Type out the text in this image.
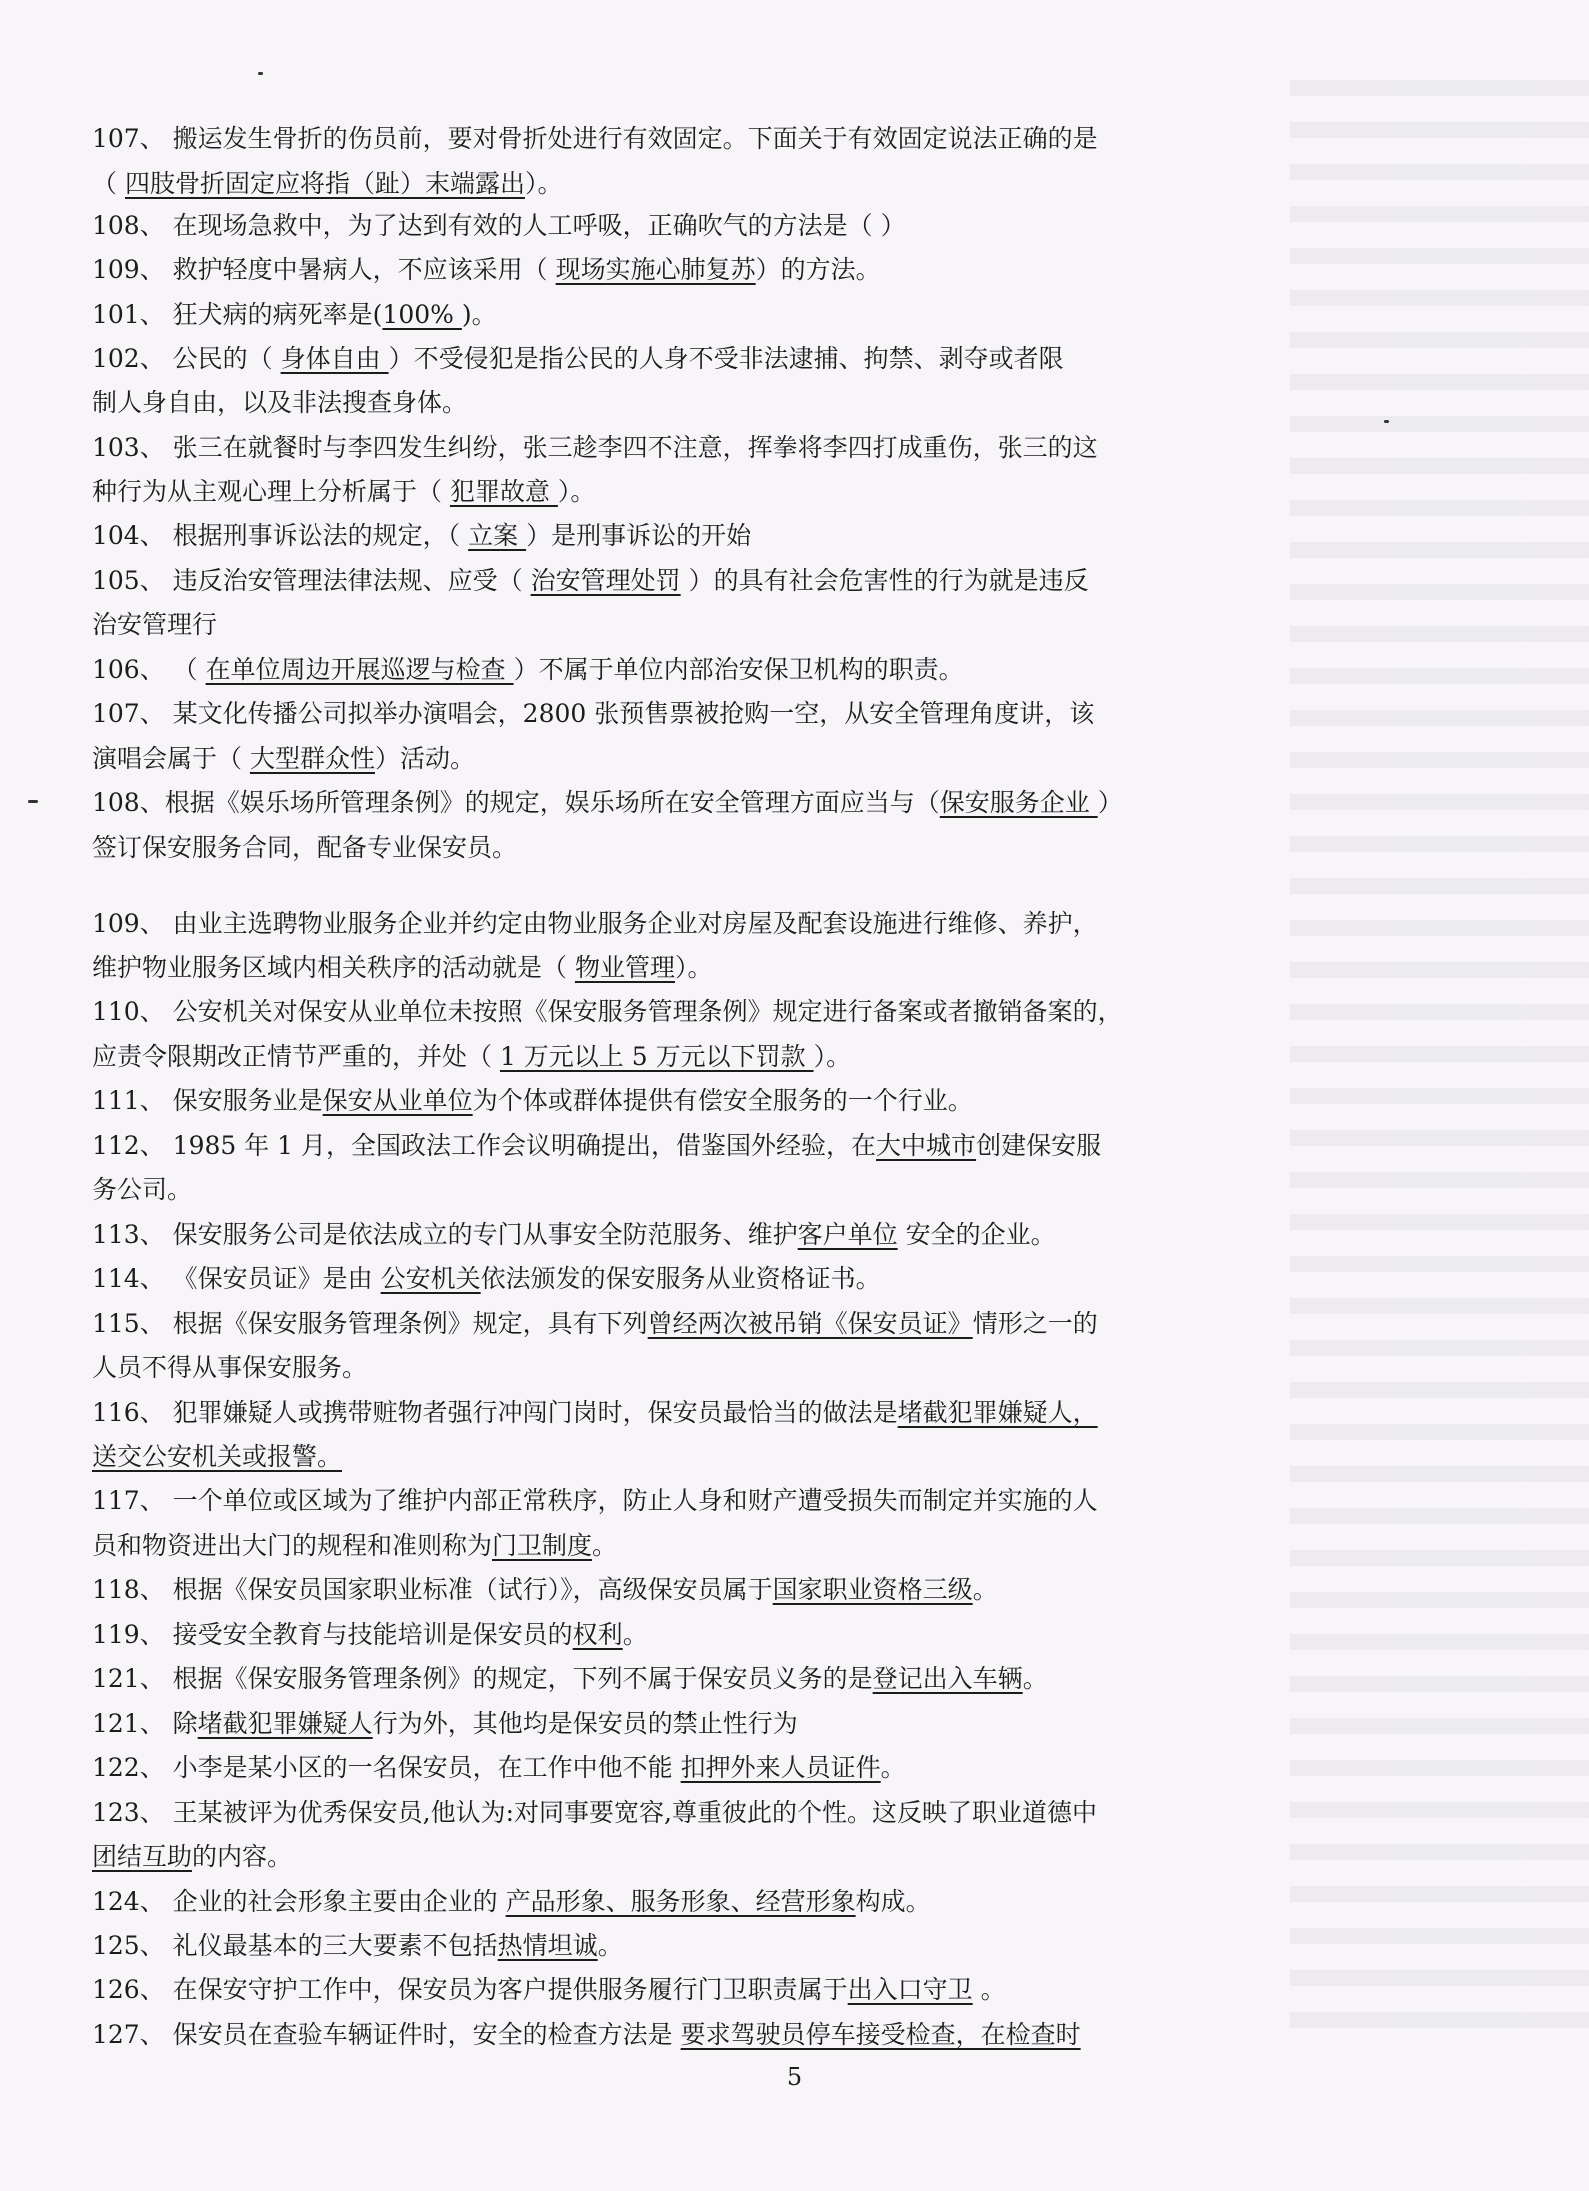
107、 搬运发生骨折的伤员前，要对骨折处进行有效固定。下面关于有效固定说法正确的是
（ 四肢骨折固定应将指（趾）末端露出）。
108、 在现场急救中，为了达到有效的人工呼吸，正确吹气的方法是（ ）
109、 救护轻度中暑病人，不应该采用（ 现场实施心肺复苏）的方法。
101、 狂犬病的病死率是(100% )。
102、 公民的（ 身体自由 ）不受侵犯是指公民的人身不受非法逮捕、拘禁、剥夺或者限
制人身自由，以及非法搜查身体。
103、 张三在就餐时与李四发生纠纷，张三趁李四不注意，挥拳将李四打成重伤，张三的这
种行为从主观心理上分析属于（ 犯罪故意 ）。
104、 根据刑事诉讼法的规定，（ 立案 ）是刑事诉讼的开始
105、 违反治安管理法律法规、应受（ 治安管理处罚 ）的具有社会危害性的行为就是违反
治安管理行
106、 （ 在单位周边开展巡逻与检查 ）不属于单位内部治安保卫机构的职责。
107、 某文化传播公司拟举办演唱会，2800 张预售票被抢购一空，从安全管理角度讲，该
演唱会属于（ 大型群众性）活动。
108、根据《娱乐场所管理条例》的规定，娱乐场所在安全管理方面应当与（保安服务企业 ）
签订保安服务合同，配备专业保安员。
109、 由业主选聘物业服务企业并约定由物业服务企业对房屋及配套设施进行维修、养护，
维护物业服务区域内相关秩序的活动就是（ 物业管理）。
110、 公安机关对保安从业单位未按照《保安服务管理条例》规定进行备案或者撤销备案的，
应责令限期改正情节严重的，并处（ 1 万元以上 5 万元以下罚款 ）。
111、 保安服务业是保安从业单位为个体或群体提供有偿安全服务的一个行业。
112、 1985 年 1 月，全国政法工作会议明确提出，借鉴国外经验，在大中城市创建保安服
务公司。
113、 保安服务公司是依法成立的专门从事安全防范服务、维护客户单位 安全的企业。
114、 《保安员证》是由 公安机关依法颁发的保安服务从业资格证书。
115、 根据《保安服务管理条例》规定，具有下列曾经两次被吊销《保安员证》情形之一的
人员不得从事保安服务。
116、 犯罪嫌疑人或携带赃物者强行冲闯门岗时，保安员最恰当的做法是堵截犯罪嫌疑人，
送交公安机关或报警。
117、 一个单位或区域为了维护内部正常秩序，防止人身和财产遭受损失而制定并实施的人
员和物资进出大门的规程和准则称为门卫制度。
118、 根据《保安员国家职业标准（试行）》，高级保安员属于国家职业资格三级。
119、 接受安全教育与技能培训是保安员的权利。
121、 根据《保安服务管理条例》的规定，下列不属于保安员义务的是登记出入车辆。
121、 除堵截犯罪嫌疑人行为外，其他均是保安员的禁止性行为
122、 小李是某小区的一名保安员，在工作中他不能 扣押外来人员证件。
123、 王某被评为优秀保安员,他认为:对同事要宽容,尊重彼此的个性。这反映了职业道德中
团结互助的内容。
124、 企业的社会形象主要由企业的 产品形象、服务形象、经营形象构成。
125、 礼仪最基本的三大要素不包括热情坦诚。
126、 在保安守护工作中，保安员为客户提供服务履行门卫职责属于出入口守卫 。
127、 保安员在查验车辆证件时，安全的检查方法是 要求驾驶员停车接受检查，在检查时
5
